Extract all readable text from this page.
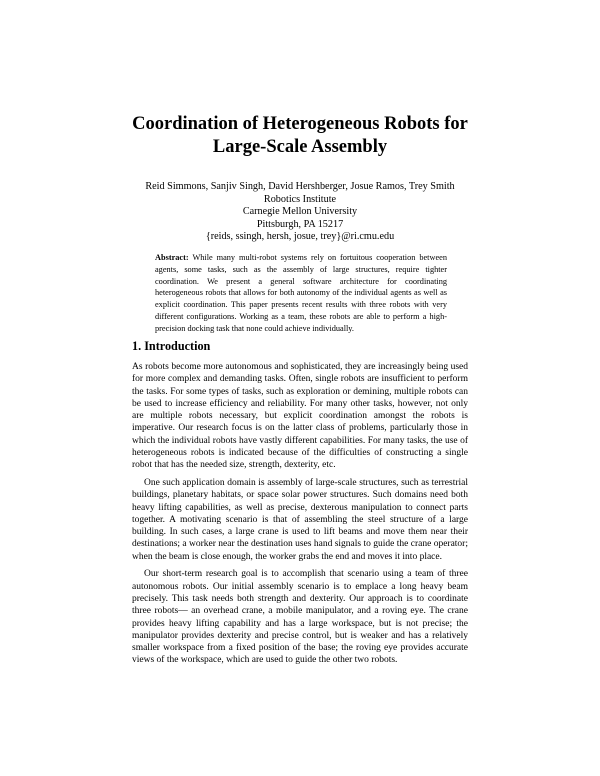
Coordination of Heterogeneous Robots for
Large-Scale Assembly
Reid Simmons, Sanjiv Singh, David Hershberger, Josue Ramos, Trey Smith
Robotics Institute
Carnegie Mellon University
Pittsburgh, PA 15217
{reids, ssingh, hersh, josue, trey}@ri.cmu.edu
Abstract: While many multi-robot systems rely on fortuitous cooperation between agents, some tasks, such as the assembly of large structures, require tighter coordination. We present a general software architecture for coordinating heterogeneous robots that allows for both autonomy of the individual agents as well as explicit coordination. This paper presents recent results with three robots with very different configurations. Working as a team, these robots are able to perform a high-precision docking task that none could achieve individually.
1. Introduction

As robots become more autonomous and sophisticated, they are increasingly being used for more complex and demanding tasks. Often, single robots are insufficient to perform the tasks. For some types of tasks, such as exploration or demining, multiple robots can be used to increase efficiency and reliability. For many other tasks, however, not only are multiple robots necessary, but explicit coordination amongst the robots is imperative. Our research focus is on the latter class of problems, particularly those in which the individual robots have vastly different capabilities. For many tasks, the use of heterogeneous robots is indicated because of the difficulties of constructing a single robot that has the needed size, strength, dexterity, etc.

One such application domain is assembly of large-scale structures, such as terrestrial buildings, planetary habitats, or space solar power structures. Such domains need both heavy lifting capabilities, as well as precise, dexterous manipulation to connect parts together. A motivating scenario is that of assembling the steel structure of a large building. In such cases, a large crane is used to lift beams and move them near their destinations; a worker near the destination uses hand signals to guide the crane operator; when the beam is close enough, the worker grabs the end and moves it into place.

Our short-term research goal is to accomplish that scenario using a team of three autonomous robots. Our initial assembly scenario is to emplace a long heavy beam precisely. This task needs both strength and dexterity. Our approach is to coordinate three robots— an overhead crane, a mobile manipulator, and a roving eye. The crane provides heavy lifting capability and has a large workspace, but is not precise; the manipulator provides dexterity and precise control, but is weaker and has a relatively smaller workspace from a fixed position of the base; the roving eye provides accurate views of the workspace, which are used to guide the other two robots.
